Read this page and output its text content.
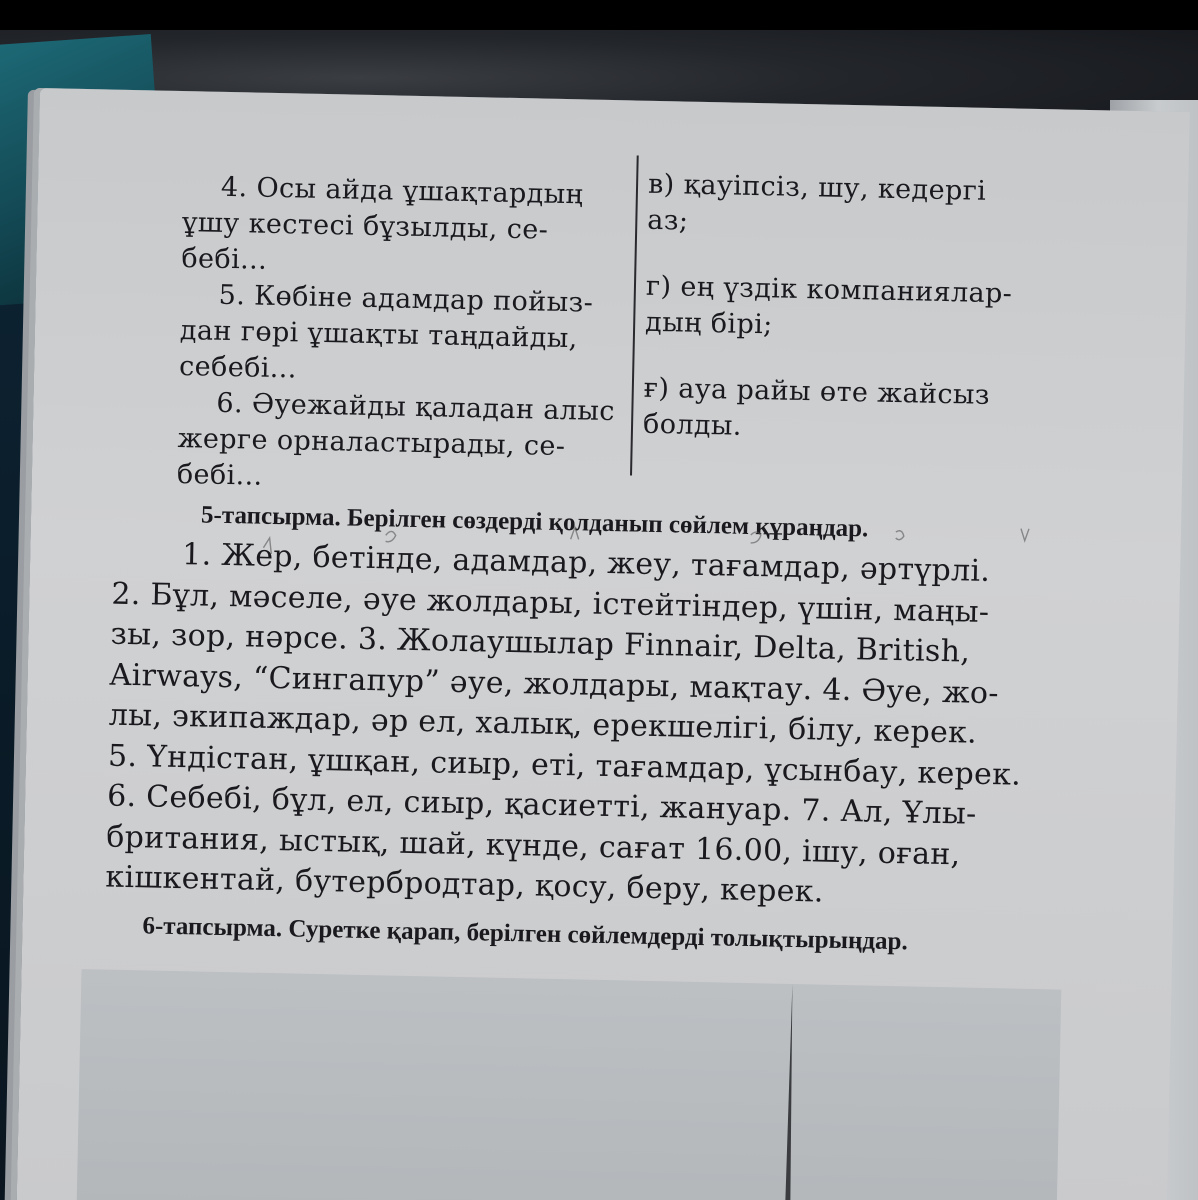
4. Осы айда ұшақтардың
ұшу кестесі бұзылды, се-
бебі...
5. Көбіне адамдар пойыз-
дан гөрі ұшақты таңдайды,
себебі...
6. Әуежайды қаладан алыс
жерге орналастырады, се-
бебі...
в) қауіпсіз, шу, кедергі
аз;
г) ең үздік компаниялар-
дың бірі;
ғ) ауа райы өте жайсыз
болды.
5-тапсырма. Берілген сөздерді қолданып сөйлем құраңдар.
1. Жер, бетінде, адамдар, жеу, тағамдар, әртүрлі.
2. Бұл, мәселе, әуе жолдары, істейтіндер, үшін, маңы-
зы, зор, нәрсе. 3. Жолаушылар Finnair, Delta, British,
Airways, “Сингапур” әуе, жолдары, мақтау. 4. Әуе, жо-
лы, экипаждар, әр ел, халық, ерекшелігі, білу, керек.
5. Үндістан, ұшқан, сиыр, еті, тағамдар, ұсынбау, керек.
6. Себебі, бұл, ел, сиыр, қасиетті, жануар. 7. Ал, Ұлы-
британия, ыстық, шай, күнде, сағат 16.00, ішу, оған,
кішкентай, бутербродтар, қосу, беру, керек.
6-тапсырма. Суретке қарап, берілген сөйлемдерді толықтырыңдар.
